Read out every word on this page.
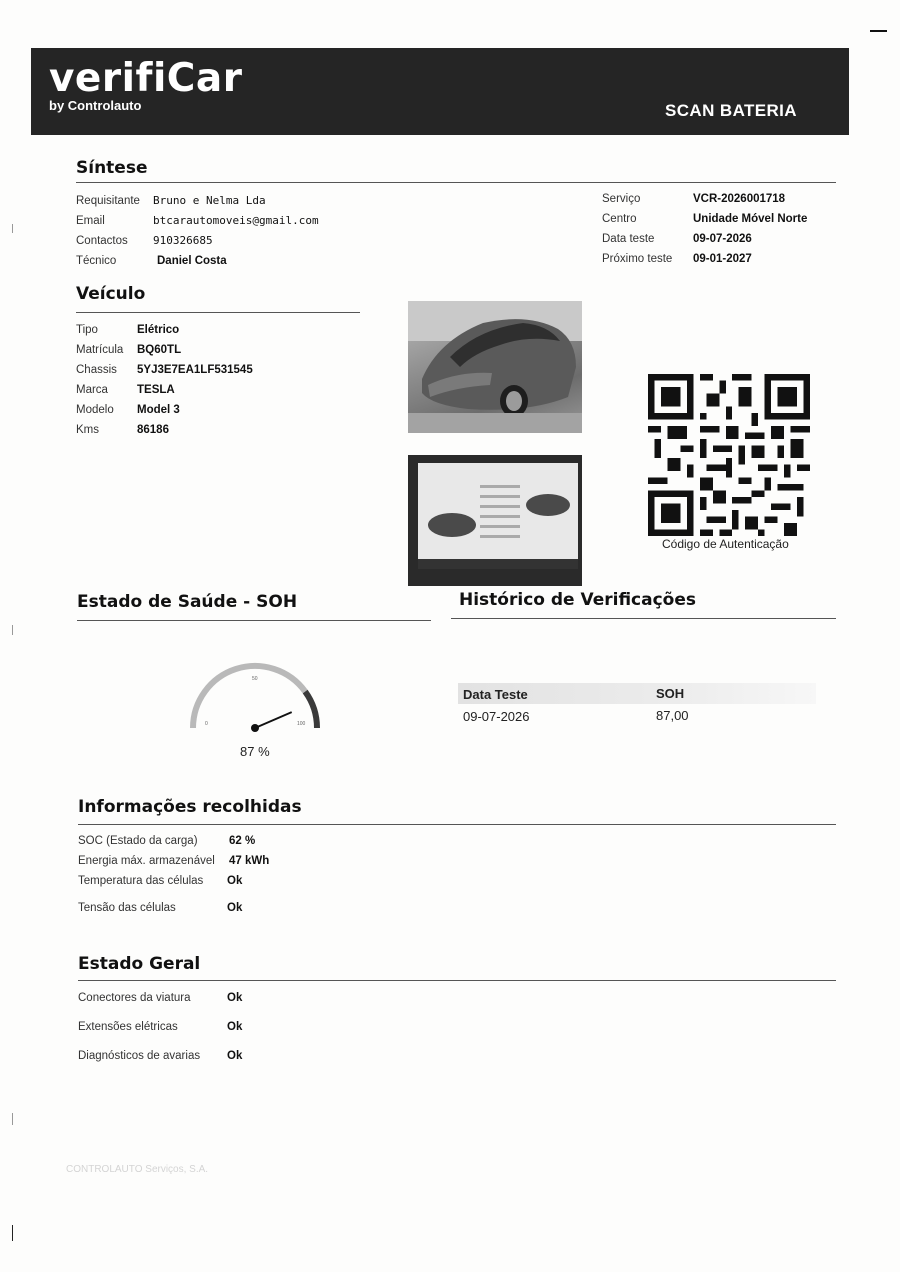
verifiCar
by Controlauto	SCAN BATERIA
Síntese
Requisitante	Bruno e Nelma Lda
Email	btcarautomoveis@gmail.com
Contactos	910326685
Técnico	Daniel Costa
Serviço	VCR-2026001718
Centro	Unidade Móvel Norte
Data teste	09-07-2026
Próximo teste	09-01-2027
Veículo
Tipo	Elétrico
Matrícula	BQ60TL
Chassis	5YJ3E7EA1LF531545
Marca	TESLA
Modelo	Model 3
Kms	86186
Código de Autenticação
Estado de Saúde - SOH
0
50
100
87 %
Histórico de Verificações
Data Teste	SOH
09-07-2026	87,00
Informações recolhidas
SOC (Estado da carga)	62 %
Energia máx. armazenável	47 kWh
Temperatura das células	Ok
Tensão das células	Ok
Estado Geral
Conectores da viatura	Ok
Extensões elétricas	Ok
Diagnósticos de avarias	Ok
CONTROLAUTO Serviços, S.A.
